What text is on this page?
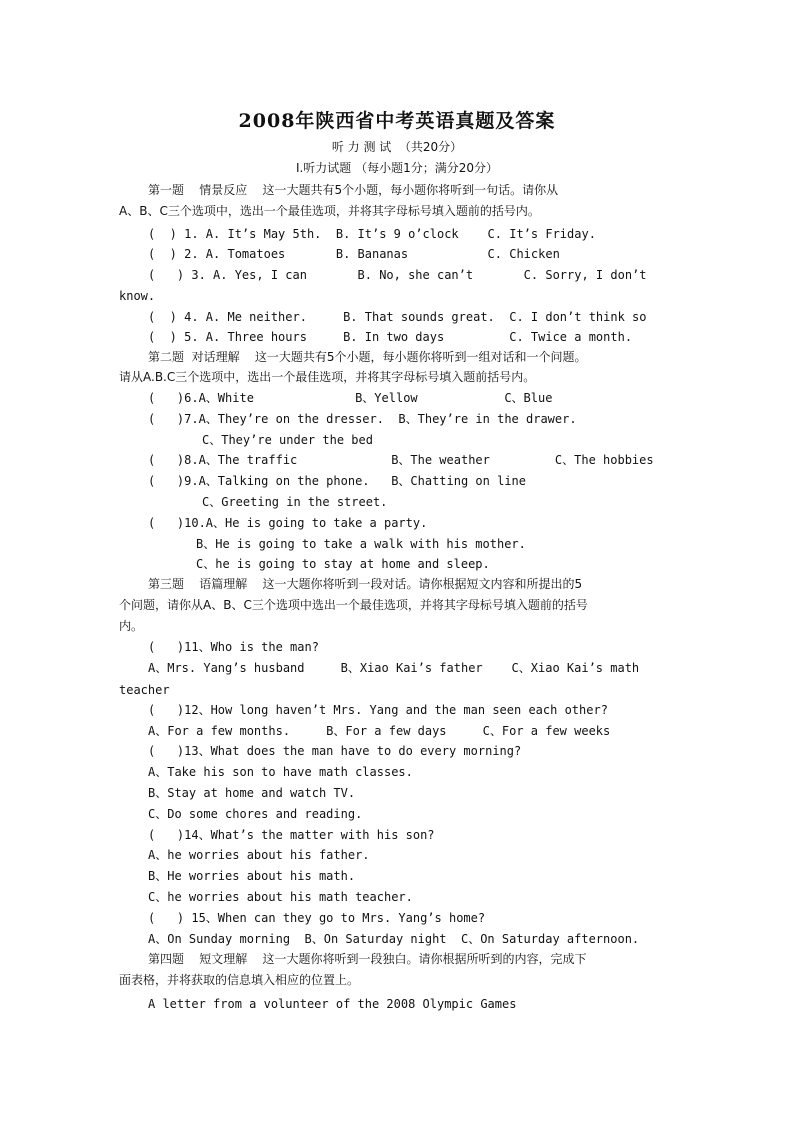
2008年陕西省中考英语真题及答案
听 力 测 试  （共20分）
I.听力试题 （每小题1分；满分20分）
第一题    情景反应    这一大题共有5个小题，每小题你将听到一句话。请你从
A、B、C三个选项中，选出一个最佳选项，并将其字母标号填入题前的括号内。
(  ) 1. A. It’s May 5th.  B. It’s 9 o’clock    C. It’s Friday.
(  ) 2. A. Tomatoes       B. Bananas           C. Chicken
(   ) 3. A. Yes, I can       B. No, she can’t       C. Sorry, I don’t
know.
(  ) 4. A. Me neither.     B. That sounds great.  C. I don’t think so
(  ) 5. A. Three hours     B. In two days         C. Twice a month.
第二题  对话理解    这一大题共有5个小题，每小题你将听到一组对话和一个问题。
请从A.B.C三个选项中，选出一个最佳选项，并将其字母标号填入题前括号内。
(   )6.A、White              B、Yellow            C、Blue
(   )7.A、They’re on the dresser.  B、They’re in the drawer.
C、They’re under the bed
(   )8.A、The traffic             B、The weather         C、The hobbies
(   )9.A、Talking on the phone.   B、Chatting on line
C、Greeting in the street.
(   )10.A、He is going to take a party.
B、He is going to take a walk with his mother.
C、he is going to stay at home and sleep.
第三题    语篇理解    这一大题你将听到一段对话。请你根据短文内容和所提出的5
个问题，请你从A、B、C三个选项中选出一个最佳选项，并将其字母标号填入题前的括号
内。
(   )11、Who is the man?
A、Mrs. Yang’s husband     B、Xiao Kai’s father    C、Xiao Kai’s math
teacher
(   )12、How long haven’t Mrs. Yang and the man seen each other?
A、For a few months.     B、For a few days     C、For a few weeks
(   )13、What does the man have to do every morning?
A、Take his son to have math classes.
B、Stay at home and watch TV.
C、Do some chores and reading.
(   )14、What’s the matter with his son?
A、he worries about his father.
B、He worries about his math.
C、he worries about his math teacher.
(   ) 15、When can they go to Mrs. Yang’s home?
A、On Sunday morning  B、On Saturday night  C、On Saturday afternoon.
第四题    短文理解    这一大题你将听到一段独白。请你根据所听到的内容，完成下
面表格，并将获取的信息填入相应的位置上。
A letter from a volunteer of the 2008 Olympic Games
